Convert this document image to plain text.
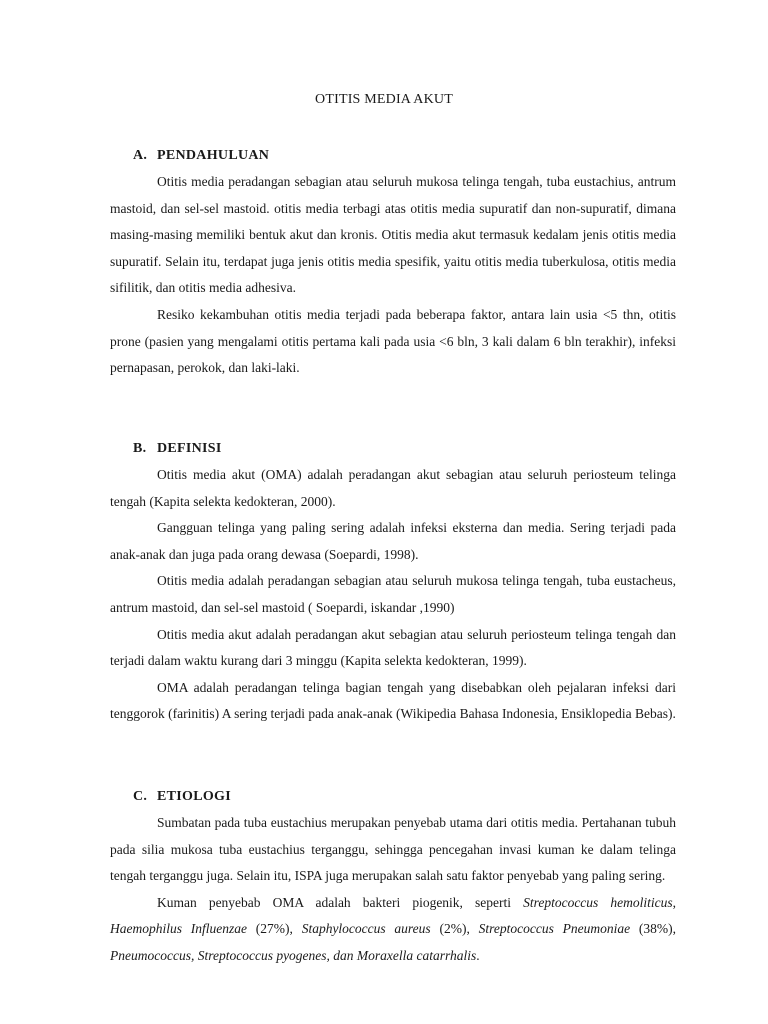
OTITIS MEDIA AKUT
A. PENDAHULUAN

Otitis media peradangan sebagian atau seluruh mukosa telinga tengah, tuba eustachius, antrum mastoid, dan sel-sel mastoid. otitis media terbagi atas otitis media supuratif dan non-supuratif, dimana masing-masing memiliki bentuk akut dan kronis. Otitis media akut termasuk kedalam jenis otitis media supuratif. Selain itu, terdapat juga jenis otitis media spesifik, yaitu otitis media tuberkulosa, otitis media sifilitik, dan otitis media adhesiva.

Resiko kekambuhan otitis media terjadi pada beberapa faktor, antara lain usia <5 thn, otitis prone (pasien yang mengalami otitis pertama kali pada usia <6 bln, 3 kali dalam 6 bln terakhir), infeksi pernapasan, perokok, dan laki-laki.

B. DEFINISI

Otitis media akut (OMA) adalah peradangan akut sebagian atau seluruh periosteum telinga tengah (Kapita selekta kedokteran, 2000).

Gangguan telinga yang paling sering adalah infeksi eksterna dan media. Sering terjadi pada anak-anak dan juga pada orang dewasa (Soepardi, 1998).

Otitis media adalah peradangan sebagian atau seluruh mukosa telinga tengah, tuba eustacheus, antrum mastoid, dan sel-sel mastoid ( Soepardi, iskandar ,1990)

Otitis media akut adalah peradangan akut sebagian atau seluruh periosteum telinga tengah dan terjadi dalam waktu kurang dari 3 minggu (Kapita selekta kedokteran, 1999).

OMA adalah peradangan telinga bagian tengah yang disebabkan oleh pejalaran infeksi dari tenggorok (farinitis) A sering terjadi pada anak-anak (Wikipedia Bahasa Indonesia, Ensiklopedia Bebas).

C. ETIOLOGI

Sumbatan pada tuba eustachius merupakan penyebab utama dari otitis media. Pertahanan tubuh pada silia mukosa tuba eustachius terganggu, sehingga pencegahan invasi kuman ke dalam telinga tengah terganggu juga. Selain itu, ISPA juga merupakan salah satu faktor penyebab yang paling sering.

Kuman penyebab OMA adalah bakteri piogenik, seperti Streptococcus hemoliticus, Haemophilus Influenzae (27%), Staphylococcus aureus (2%), Streptococcus Pneumoniae (38%), Pneumococcus, Streptococcus pyogenes, dan Moraxella catarrhalis.
